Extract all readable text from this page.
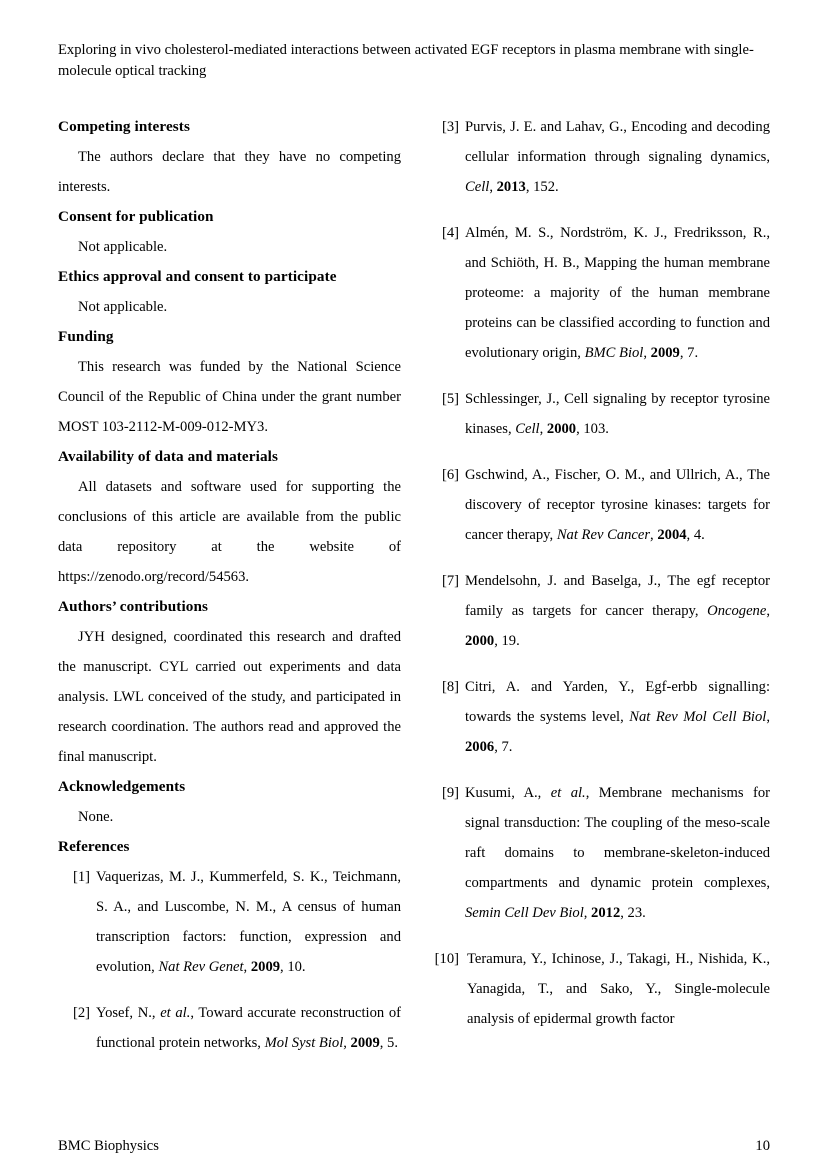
Exploring in vivo cholesterol-mediated interactions between activated EGF receptors in plasma membrane with single-molecule optical tracking
Competing interests

The authors declare that they have no competing interests.

Consent for publication

Not applicable.

Ethics approval and consent to participate

Not applicable.

Funding

This research was funded by the National Science Council of the Republic of China under the grant number MOST 103-2112-M-009-012-MY3.

Availability of data and materials

All datasets and software used for supporting the conclusions of this article are available from the public data repository at the website of https://zenodo.org/record/54563.

Authors’ contributions

JYH designed, coordinated this research and drafted the manuscript. CYL carried out experiments and data analysis. LWL conceived of the study, and participated in research coordination. The authors read and approved the final manuscript.

Acknowledgements

None.

References
[1] Vaquerizas, M. J., Kummerfeld, S. K., Teichmann, S. A., and Luscombe, N. M., A census of human transcription factors: function, expression and evolution, Nat Rev Genet, 2009, 10.
[2] Yosef, N., et al., Toward accurate reconstruction of functional protein networks, Mol Syst Biol, 2009, 5.
[3] Purvis, J. E. and Lahav, G., Encoding and decoding cellular information through signaling dynamics, Cell, 2013, 152.
[4] Almén, M. S., Nordström, K. J., Fredriksson, R., and Schiöth, H. B., Mapping the human membrane proteome: a majority of the human membrane proteins can be classified according to function and evolutionary origin, BMC Biol, 2009, 7.
[5] Schlessinger, J., Cell signaling by receptor tyrosine kinases, Cell, 2000, 103.
[6] Gschwind, A., Fischer, O. M., and Ullrich, A., The discovery of receptor tyrosine kinases: targets for cancer therapy, Nat Rev Cancer, 2004, 4.
[7] Mendelsohn, J. and Baselga, J., The egf receptor family as targets for cancer therapy, Oncogene, 2000, 19.
[8] Citri, A. and Yarden, Y., Egf-erbb signalling: towards the systems level, Nat Rev Mol Cell Biol, 2006, 7.
[9] Kusumi, A., et al., Membrane mechanisms for signal transduction: The coupling of the meso-scale raft domains to membrane-skeleton-induced compartments and dynamic protein complexes, Semin Cell Dev Biol, 2012, 23.
[10] Teramura, Y., Ichinose, J., Takagi, H., Nishida, K., Yanagida, T., and Sako, Y., Single-molecule analysis of epidermal growth factor
BMC Biophysics	10
